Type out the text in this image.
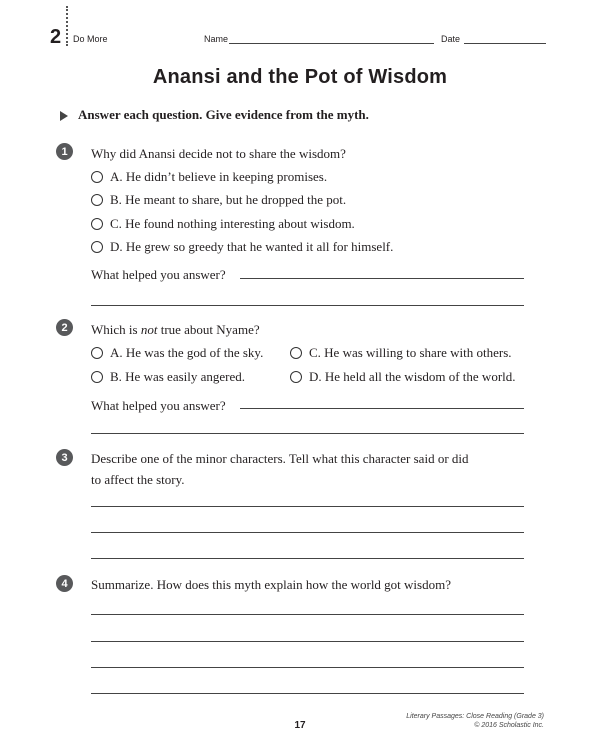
2 Do More	Name	Date
Anansi and the Pot of Wisdom
Answer each question. Give evidence from the myth.
1	Why did Anansi decide not to share the wisdom?
A. He didn’t believe in keeping promises.
B. He meant to share, but he dropped the pot.
C. He found nothing interesting about wisdom.
D. He grew so greedy that he wanted it all for himself.
What helped you answer?
2	Which is not true about Nyame?
A. He was the god of the sky.
B. He was easily angered.
C. He was willing to share with others.
D. He held all the wisdom of the world.
What helped you answer?
3	Describe one of the minor characters. Tell what this character said or did
to affect the story.
4	Summarize. How does this myth explain how the world got wisdom?
17
Literary Passages: Close Reading (Grade 3)
© 2016 Scholastic Inc.
